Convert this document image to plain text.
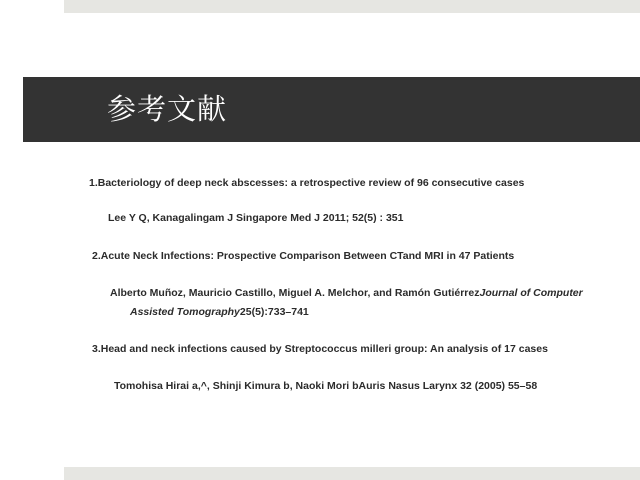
参考文献
1.Bacteriology of deep neck abscesses: a retrospective review of 96 consecutive cases
Lee Y Q, Kanagalingam J Singapore Med J 2011; 52(5) : 351
2.Acute Neck Infections: Prospective Comparison Between CTand MRI in 47 Patients
Alberto Muñoz, Mauricio Castillo, Miguel A. Melchor, and Ramón GutiérrezJournal of Computer
Assisted Tomography25(5):733–741
3.Head and neck infections caused by Streptococcus milleri group: An analysis of 17 cases
Tomohisa Hirai a,^, Shinji Kimura b, Naoki Mori bAuris Nasus Larynx 32 (2005) 55–58
